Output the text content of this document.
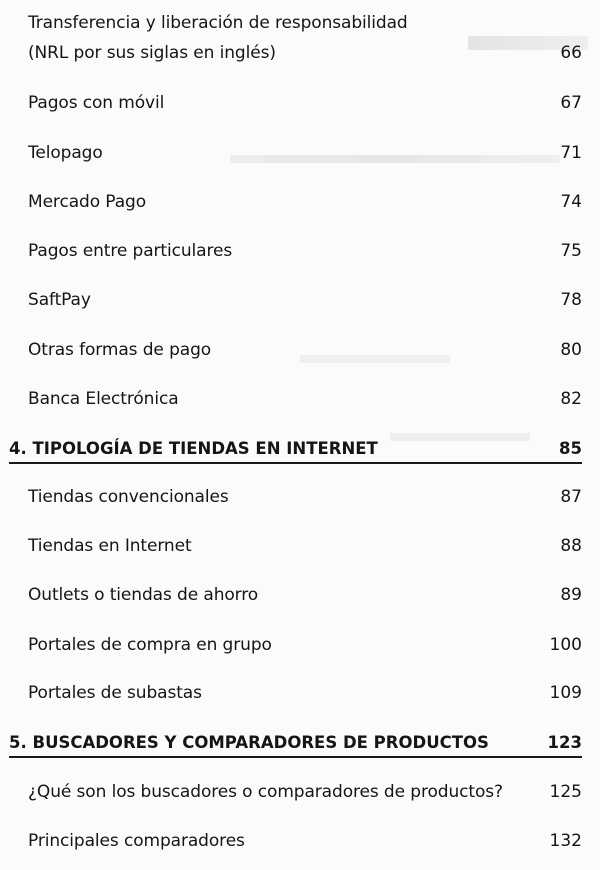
Transferencia y liberación de responsabilidad
(NRL por sus siglas en inglés)	66
Pagos con móvil	67
Telopago	71
Mercado Pago	74
Pagos entre particulares	75
SaftPay	78
Otras formas de pago	80
Banca Electrónica	82
4. TIPOLOGÍA DE TIENDAS EN INTERNET	85
Tiendas convencionales	87
Tiendas en Internet	88
Outlets o tiendas de ahorro	89
Portales de compra en grupo	100
Portales de subastas	109
5. BUSCADORES Y COMPARADORES DE PRODUCTOS	123
¿Qué son los buscadores o comparadores de productos?	125
Principales comparadores	132
